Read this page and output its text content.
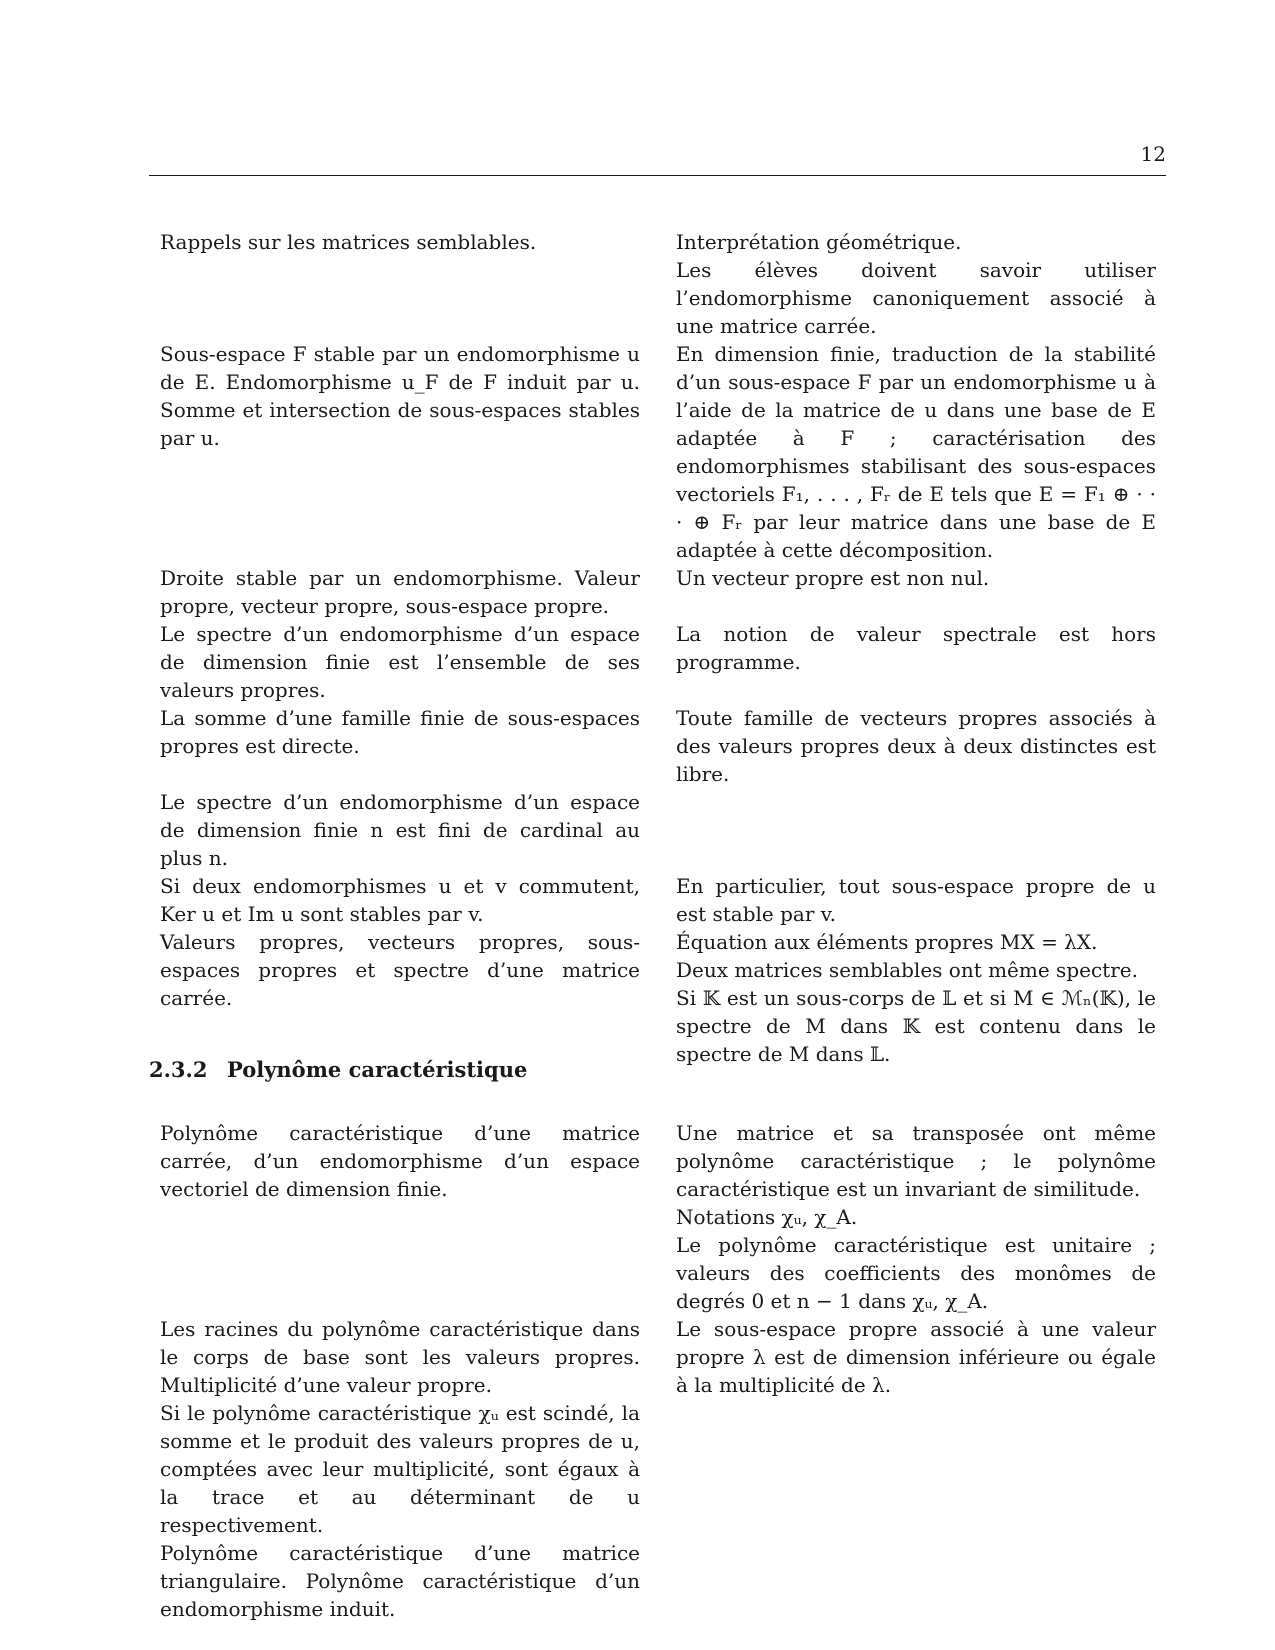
12
Rappels sur les matrices semblables.	Interprétation géométrique.
Les élèves doivent savoir utiliser l’endomorphisme canoniquement associé à une matrice carrée.
Sous-espace F stable par un endomorphisme u de E. Endomorphisme u_F de F induit par u. Somme et intersection de sous-espaces stables par u.
En dimension finie, traduction de la stabilité d’un sous-espace F par un endomorphisme u à l’aide de la matrice de u dans une base de E adaptée à F ; caractérisation des endomorphismes stabilisant des sous-espaces vectoriels F₁, . . . , Fᵣ de E tels que E = F₁ ⊕ · · · ⊕ Fᵣ par leur matrice dans une base de E adaptée à cette décomposition.
Droite stable par un endomorphisme. Valeur propre, vecteur propre, sous-espace propre.
Un vecteur propre est non nul.
Le spectre d’un endomorphisme d’un espace de dimension finie est l’ensemble de ses valeurs propres.
La notion de valeur spectrale est hors programme.
La somme d’une famille finie de sous-espaces propres est directe.
Toute famille de vecteurs propres associés à des valeurs propres deux à deux distinctes est libre.
Le spectre d’un endomorphisme d’un espace de dimension finie n est fini de cardinal au plus n.
Si deux endomorphismes u et v commutent, Ker u et Im u sont stables par v.
En particulier, tout sous-espace propre de u est stable par v.
Valeurs propres, vecteurs propres, sous-espaces propres et spectre d’une matrice carrée.
Équation aux éléments propres MX = λX.
Deux matrices semblables ont même spectre.
Si 𝕂 est un sous-corps de 𝕃 et si M ∈ ℳₙ(𝕂), le spectre de M dans 𝕂 est contenu dans le spectre de M dans 𝕃.
2.3.2 Polynôme caractéristique
Polynôme caractéristique d’une matrice carrée, d’un endomorphisme d’un espace vectoriel de dimension finie.
Une matrice et sa transposée ont même polynôme caractéristique ; le polynôme caractéristique est un invariant de similitude.
Notations χᵤ, χ_A.
Le polynôme caractéristique est unitaire ; valeurs des coefficients des monômes de degrés 0 et n − 1 dans χᵤ, χ_A.
Les racines du polynôme caractéristique dans le corps de base sont les valeurs propres. Multiplicité d’une valeur propre.
Si le polynôme caractéristique χᵤ est scindé, la somme et le produit des valeurs propres de u, comptées avec leur multiplicité, sont égaux à la trace et au déterminant de u respectivement.
Polynôme caractéristique d’une matrice triangulaire. Polynôme caractéristique d’un endomorphisme induit.
Le sous-espace propre associé à une valeur propre λ est de dimension inférieure ou égale à la multiplicité de λ.
